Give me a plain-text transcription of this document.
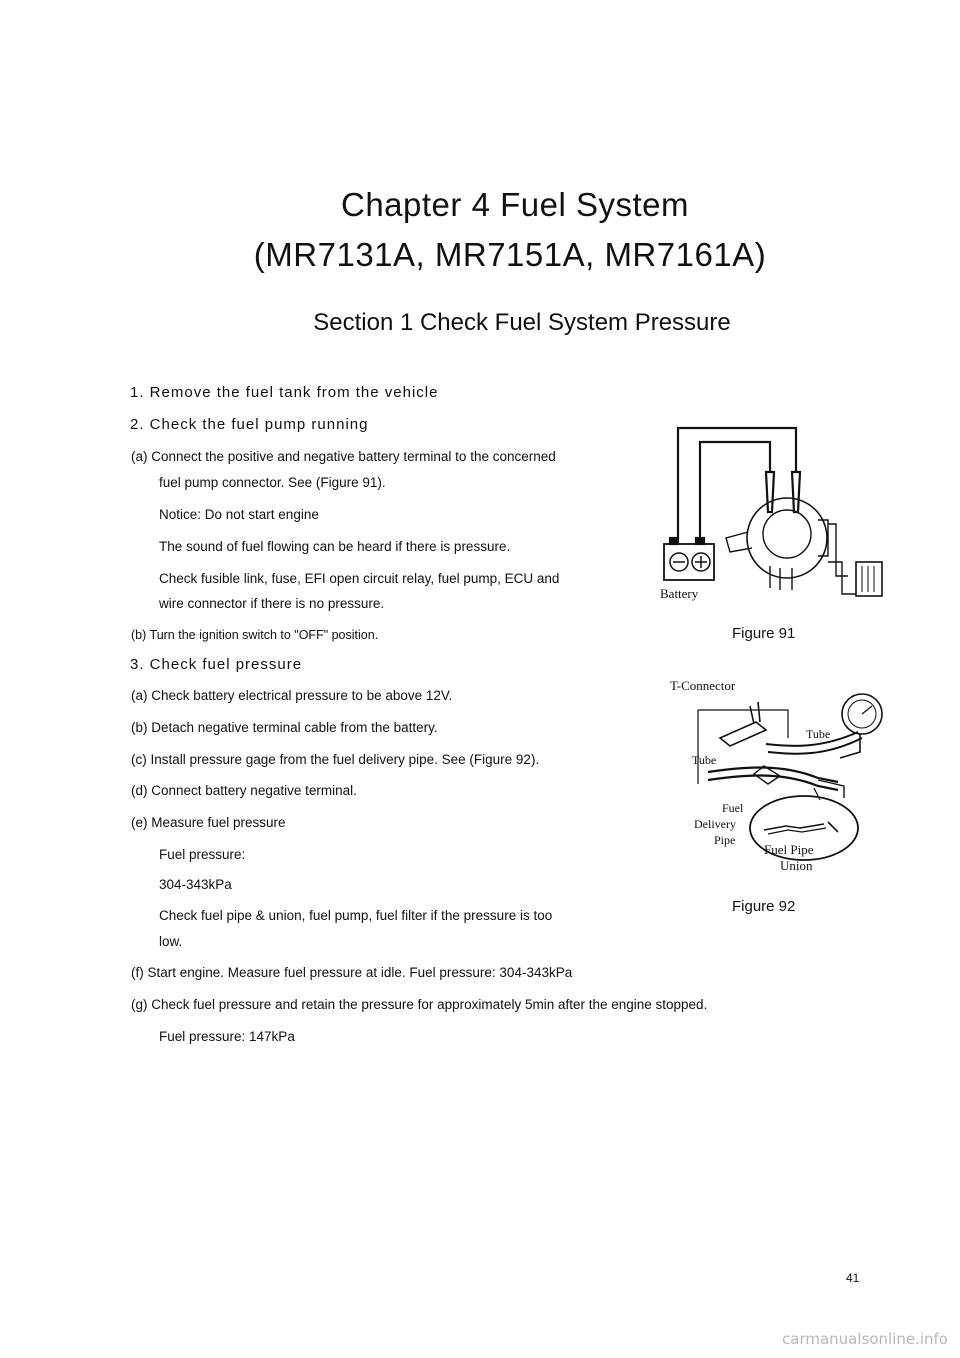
Chapter 4 Fuel System
(MR7131A, MR7151A, MR7161A)
Section 1 Check Fuel System Pressure
1. Remove the fuel tank from the vehicle
2. Check the fuel pump running
(a) Connect the positive and negative battery terminal to the concerned
fuel pump connector. See (Figure 91).
Notice: Do not start engine
The sound of fuel flowing can be heard if there is pressure.
Check fusible link, fuse, EFI open circuit relay, fuel pump, ECU and
wire connector if there is no pressure.
(b) Turn the ignition switch to "OFF" position.
3. Check fuel pressure
(a) Check battery electrical pressure to be above 12V.
(b) Detach negative terminal cable from the battery.
(c) Install pressure gage from the fuel delivery pipe. See (Figure 92).
(d) Connect battery negative terminal.
(e) Measure fuel pressure
Fuel pressure:
304-343kPa
Check fuel pipe & union, fuel pump, fuel filter if the pressure is too
low.
(f) Start engine. Measure fuel pressure at idle. Fuel pressure: 304-343kPa
(g) Check fuel pressure and retain the pressure for approximately 5min after the engine stopped.
Fuel pressure: 147kPa
Battery
Figure 91
T-Connector
Tube
Tube
Fuel
Delivery
Pipe
Fuel Pipe
Union
Figure 92
41
carmanualsonline.info
